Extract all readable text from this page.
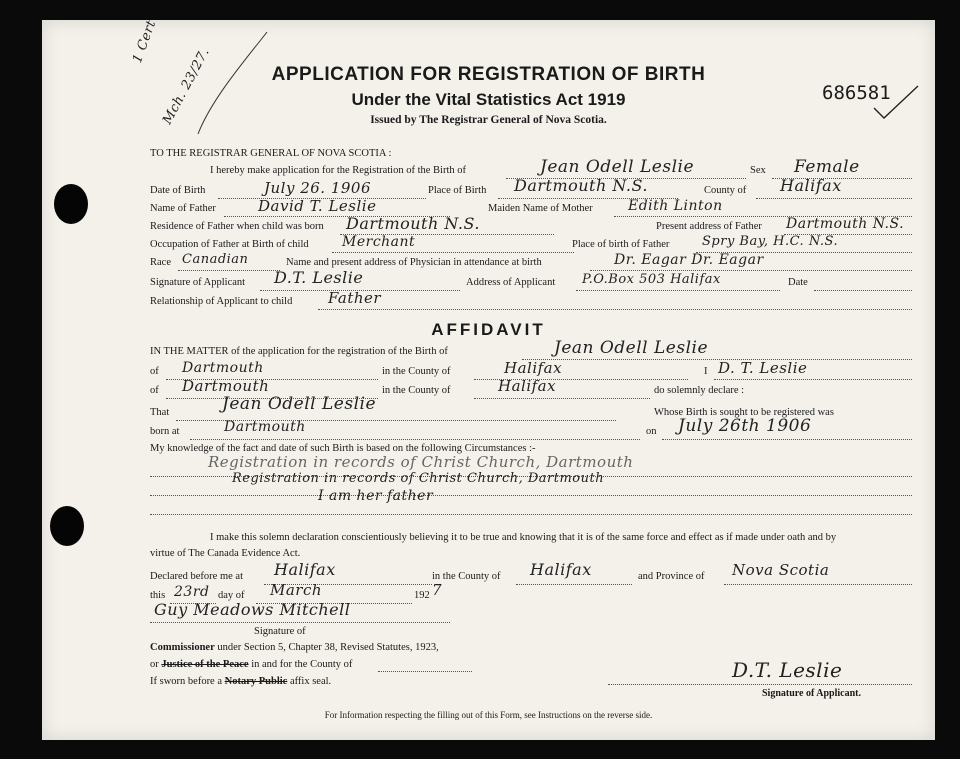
APPLICATION FOR REGISTRATION OF BIRTH
Under the Vital Statistics Act 1919
Issued by The Registrar General of Nova Scotia.
686581
1 Cert
Mch. 23/27.
TO THE REGISTRAR GENERAL OF NOVA SCOTIA :
I hereby make application for the Registration of the Birth of	Jean Odell Leslie	Sex Female
Date of Birth	July 26. 1906	Place of Birth Dartmouth N.S.	County of Halifax
Name of Father	David T. Leslie	Maiden Name of Mother	Edith Linton
Residence of Father when child was born Dartmouth N.S.	Present address of Father Dartmouth N.S.
Occupation of Father at Birth of child Merchant	Place of birth of Father	Spry Bay, H.C. N.S.
Race Canadian	Name and present address of Physician in attendance at birth	Dr. Eagar Dr. Eagar
Signature of Applicant D.T. Leslie	Address of Applicant P.O.Box 503 Halifax	Date
Relationship of Applicant to child Father
AFFIDAVIT
IN THE MATTER of the application for the registration of the Birth of	Jean Odell Leslie
of Dartmouth	in the County of	Halifax	I D. T. Leslie
of Dartmouth	in the County of	Halifax	do solemnly declare :
That	Jean Odell Leslie	Whose Birth is sought to be registered was
born at	Dartmouth	on July 26th 1906
My knowledge of the fact and date of such Birth is based on the following Circumstances :-
Registration in records of Christ Church, Dartmouth
Registration in records of Christ Church, Dartmouth
I am her father
I make this solemn declaration conscientiously believing it to be true and knowing that it is of the same force and effect as if made under oath and by
virtue of The Canada Evidence Act.
Declared before me at Halifax	in the County of Halifax	and Province of Nova Scotia
this 23rd day of March	192 7
Guy Meadows Mitchell
Signature of
Commissioner under Section 5, Chapter 38, Revised Statutes, 1923,
or Justice of the Peace in and for the County of
If sworn before a Notary Public affix seal.	D.T. Leslie
Signature of Applicant.
For Information respecting the filling out of this Form, see Instructions on the reverse side.
